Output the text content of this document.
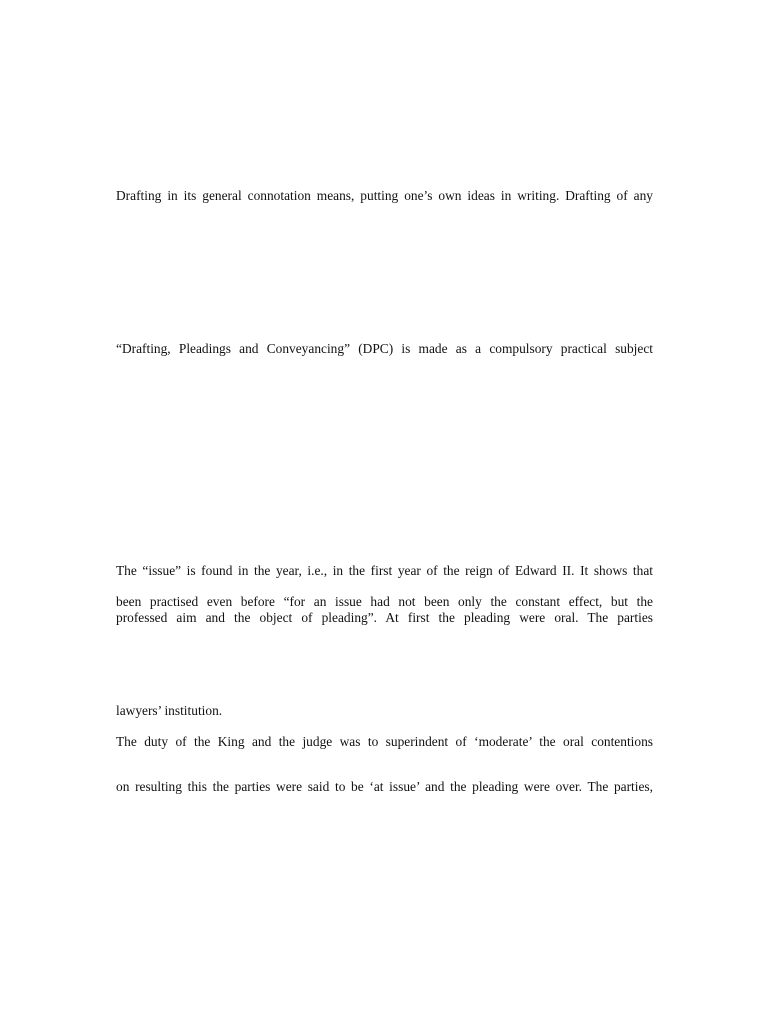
Drafting in its general connotation means, putting one’s own ideas in writing. Drafting of any

“Drafting, Pleadings and Conveyancing” (DPC) is made as a compulsory practical subject

The “issue” is found in the year, i.e., in the first year of the reign of Edward II. It shows that

been practised even before “for an issue had not been only the constant effect, but the

professed aim and the object of pleading”. At first the pleading were oral. The parties

lawyers’ institution.

The duty of the King and the judge was to superindent of ‘moderate’ the oral contentions

on resulting this the parties were said to be ‘at issue’ and the pleading were over. The parties,
